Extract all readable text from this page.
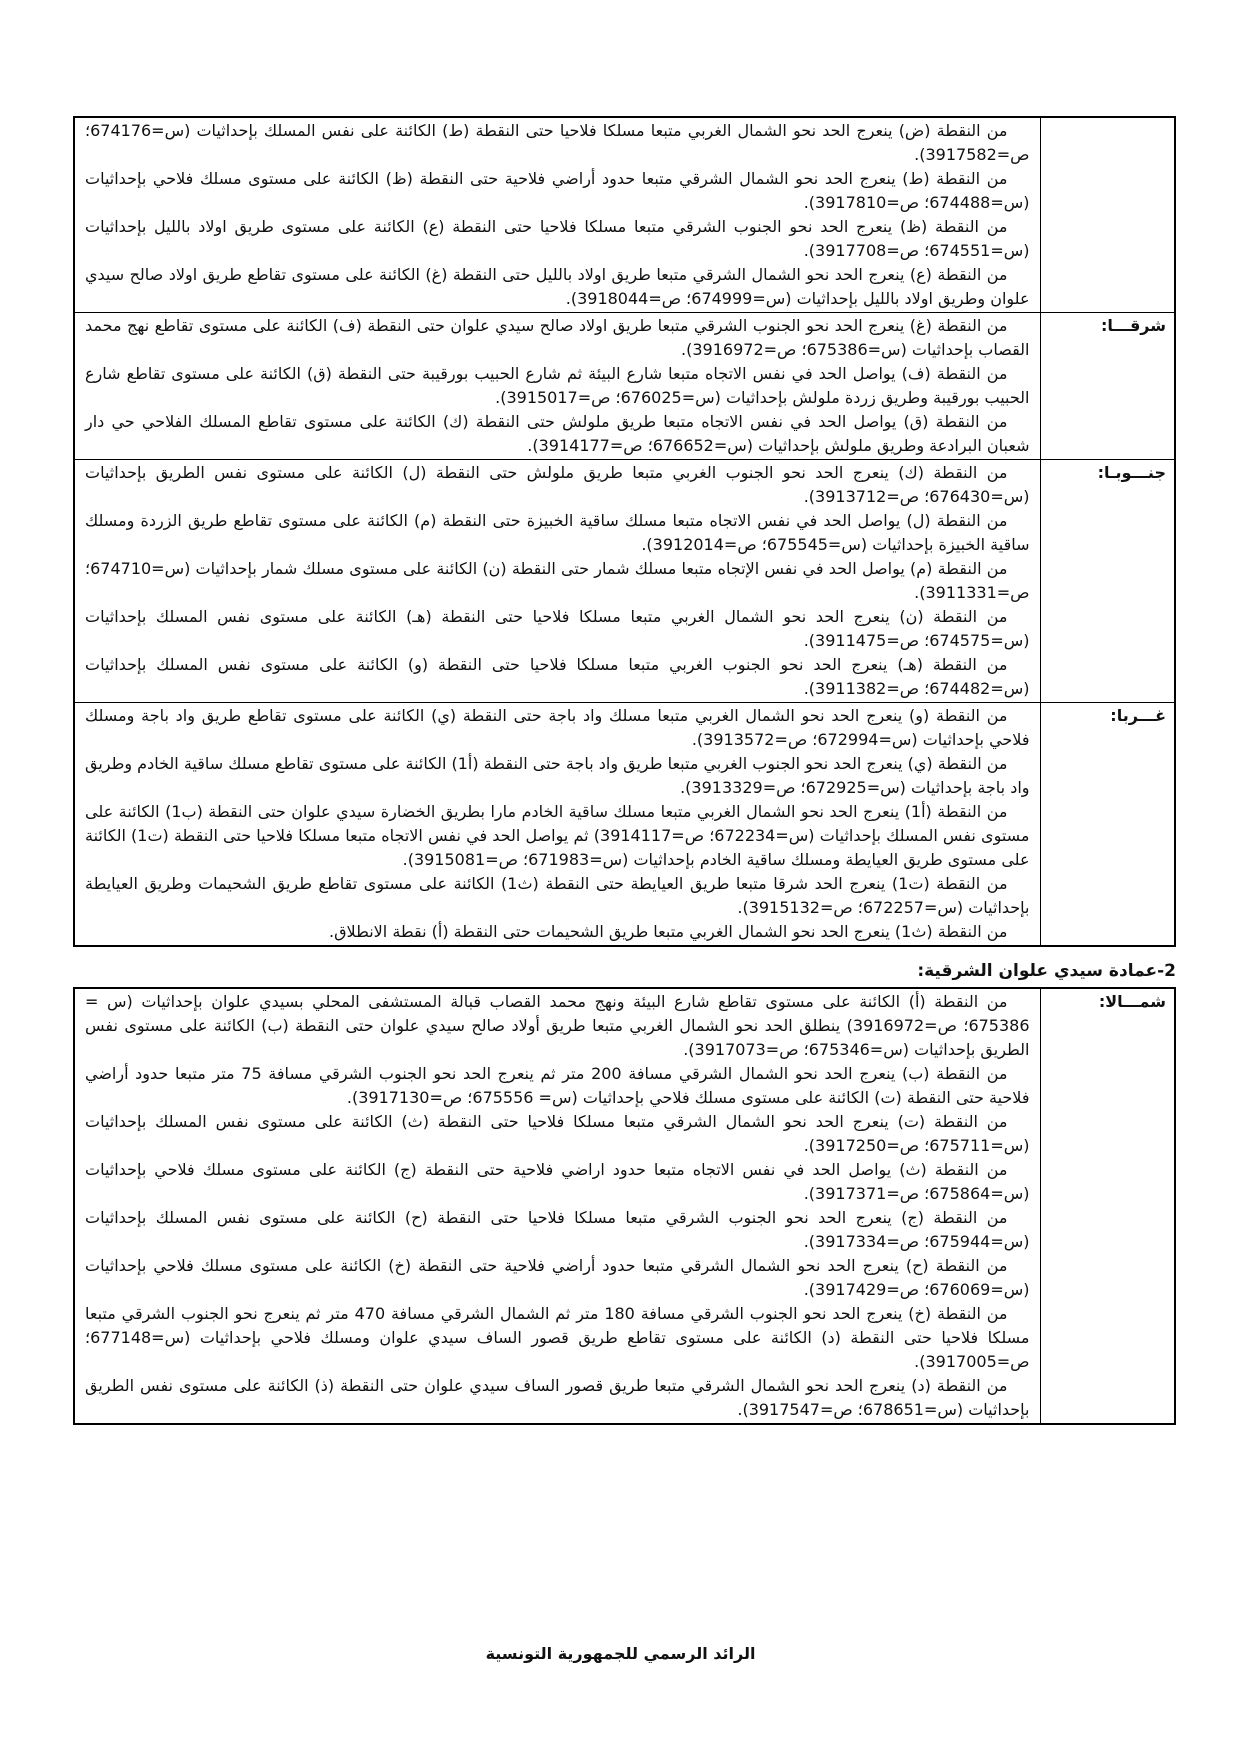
	من النقطة (ض) ينعرج الحد نحو الشمال الغربي متبعا مسلكا فلاحيا حتى النقطة (ط) الكائنة على نفس المسلك بإحداثيات (س=674176؛ ص=3917582).

من النقطة (ط) ينعرج الحد نحو الشمال الشرقي متبعا حدود أراضي فلاحية حتى النقطة (ظ) الكائنة على مستوى مسلك فلاحي بإحداثيات (س=674488؛ ص=3917810).

من النقطة (ظ) ينعرج الحد نحو الجنوب الشرقي متبعا مسلكا فلاحيا حتى النقطة (ع) الكائنة على مستوى طريق اولاد بالليل بإحداثيات (س=674551؛ ص=3917708).

من النقطة (ع) ينعرج الحد نحو الشمال الشرقي متبعا طريق اولاد بالليل حتى النقطة (غ) الكائنة على مستوى تقاطع طريق اولاد صالح سيدي علوان وطريق اولاد بالليل بإحداثيات (س=674999؛ ص=3918044).

شرقـــا:	من النقطة (غ) ينعرج الحد نحو الجنوب الشرقي متبعا طريق اولاد صالح سيدي علوان حتى النقطة (ف) الكائنة على مستوى تقاطع نهج محمد القصاب بإحداثيات (س=675386؛ ص=3916972).

من النقطة (ف) يواصل الحد في نفس الاتجاه متبعا شارع البيئة ثم شارع الحبيب بورقيبة حتى النقطة (ق) الكائنة على مستوى تقاطع شارع الحبيب بورقيبة وطريق زردة ملولش بإحداثيات (س=676025؛ ص=3915017).

من النقطة (ق) يواصل الحد في نفس الاتجاه متبعا طريق ملولش حتى النقطة (ك) الكائنة على مستوى تقاطع المسلك الفلاحي حي دار شعبان البرادعة وطريق ملولش بإحداثيات (س=676652؛ ص=3914177).

جنـــوبـا:	من النقطة (ك) ينعرج الحد نحو الجنوب الغربي متبعا طريق ملولش حتى النقطة (ل) الكائنة على مستوى نفس الطريق بإحداثيات (س=676430؛ ص=3913712).

من النقطة (ل) يواصل الحد في نفس الاتجاه متبعا مسلك ساقية الخبيزة حتى النقطة (م) الكائنة على مستوى تقاطع طريق الزردة ومسلك ساقية الخبيزة بإحداثيات (س=675545؛ ص=3912014).

من النقطة (م) يواصل الحد في نفس الإتجاه متبعا مسلك شمار حتى النقطة (ن) الكائنة على مستوى مسلك شمار بإحداثيات (س=674710؛ ص=3911331).

من النقطة (ن) ينعرج الحد نحو الشمال الغربي متبعا مسلكا فلاحيا حتى النقطة (هـ) الكائنة على مستوى نفس المسلك بإحداثيات (س=674575؛ ص=3911475).

من النقطة (هـ) ينعرج الحد نحو الجنوب الغربي متبعا مسلكا فلاحيا حتى النقطة (و) الكائنة على مستوى نفس المسلك بإحداثيات (س=674482؛ ص=3911382).

غـــربا:	من النقطة (و) ينعرج الحد نحو الشمال الغربي متبعا مسلك واد باجة حتى النقطة (ي) الكائنة على مستوى تقاطع طريق واد باجة ومسلك فلاحي بإحداثيات (س=672994؛ ص=3913572).

من النقطة (ي) ينعرج الحد نحو الجنوب الغربي متبعا طريق واد باجة حتى النقطة (أ1) الكائنة على مستوى تقاطع مسلك ساقية الخادم وطريق واد باجة بإحداثيات (س=672925؛ ص=3913329).

من النقطة (أ1) ينعرج الحد نحو الشمال الغربي متبعا مسلك ساقية الخادم مارا بطريق الخضارة سيدي علوان حتى النقطة (ب1) الكائنة على مستوى نفس المسلك بإحداثيات (س=672234؛ ص=3914117) ثم يواصل الحد في نفس الاتجاه متبعا مسلكا فلاحيا حتى النقطة (ت1) الكائنة على مستوى طريق العيايطة ومسلك ساقية الخادم بإحداثيات (س=671983؛ ص=3915081).

من النقطة (ت1) ينعرج الحد شرقا متبعا طريق العيايطة حتى النقطة (ث1) الكائنة على مستوى تقاطع طريق الشحيمات وطريق العيايطة بإحداثيات (س=672257؛ ص=3915132).

من النقطة (ث1) ينعرج الحد نحو الشمال الغربي متبعا طريق الشحيمات حتى النقطة (أ) نقطة الانطلاق.

2-عمادة سيدي علوان الشرقية:
شمـــالا:	

من النقطة (أ) الكائنة على مستوى تقاطع شارع البيئة ونهج محمد القصاب قبالة المستشفى المحلي بسيدي علوان بإحداثيات (س = 675386؛ ص=3916972) ينطلق الحد نحو الشمال الغربي متبعا طريق أولاد صالح سيدي علوان حتى النقطة (ب) الكائنة على مستوى نفس الطريق بإحداثيات (س=675346؛ ص=3917073).

من النقطة (ب) ينعرج الحد نحو الشمال الشرقي مسافة 200 متر ثم ينعرج الحد نحو الجنوب الشرقي مسافة 75 متر متبعا حدود أراضي فلاحية حتى النقطة (ت) الكائنة على مستوى مسلك فلاحي بإحداثيات (س= 675556؛ ص=3917130).

من النقطة (ت) ينعرج الحد نحو الشمال الشرقي متبعا مسلكا فلاحيا حتى النقطة (ث) الكائنة على مستوى نفس المسلك بإحداثيات (س=675711؛ ص=3917250).

من النقطة (ث) يواصل الحد في نفس الاتجاه متبعا حدود اراضي فلاحية حتى النقطة (ج) الكائنة على مستوى مسلك فلاحي بإحداثيات (س=675864؛ ص=3917371).

من النقطة (ج) ينعرج الحد نحو الجنوب الشرقي متبعا مسلكا فلاحيا حتى النقطة (ح) الكائنة على مستوى نفس المسلك بإحداثيات (س=675944؛ ص=3917334).

من النقطة (ح) ينعرج الحد نحو الشمال الشرقي متبعا حدود أراضي فلاحية حتى النقطة (خ) الكائنة على مستوى مسلك فلاحي بإحداثيات (س=676069؛ ص=3917429).

من النقطة (خ) ينعرج الحد نحو الجنوب الشرقي مسافة 180 متر ثم الشمال الشرقي مسافة 470 متر ثم ينعرج نحو الجنوب الشرقي متبعا مسلكا فلاحيا حتى النقطة (د) الكائنة على مستوى تقاطع طريق قصور الساف سيدي علوان ومسلك فلاحي بإحداثيات (س=677148؛ ص=3917005).

من النقطة (د) ينعرج الحد نحو الشمال الشرقي متبعا طريق قصور الساف سيدي علوان حتى النقطة (ذ) الكائنة على مستوى نفس الطريق بإحداثيات (س=678651؛ ص=3917547).

الرائد الرسمي للجمهورية التونسية
